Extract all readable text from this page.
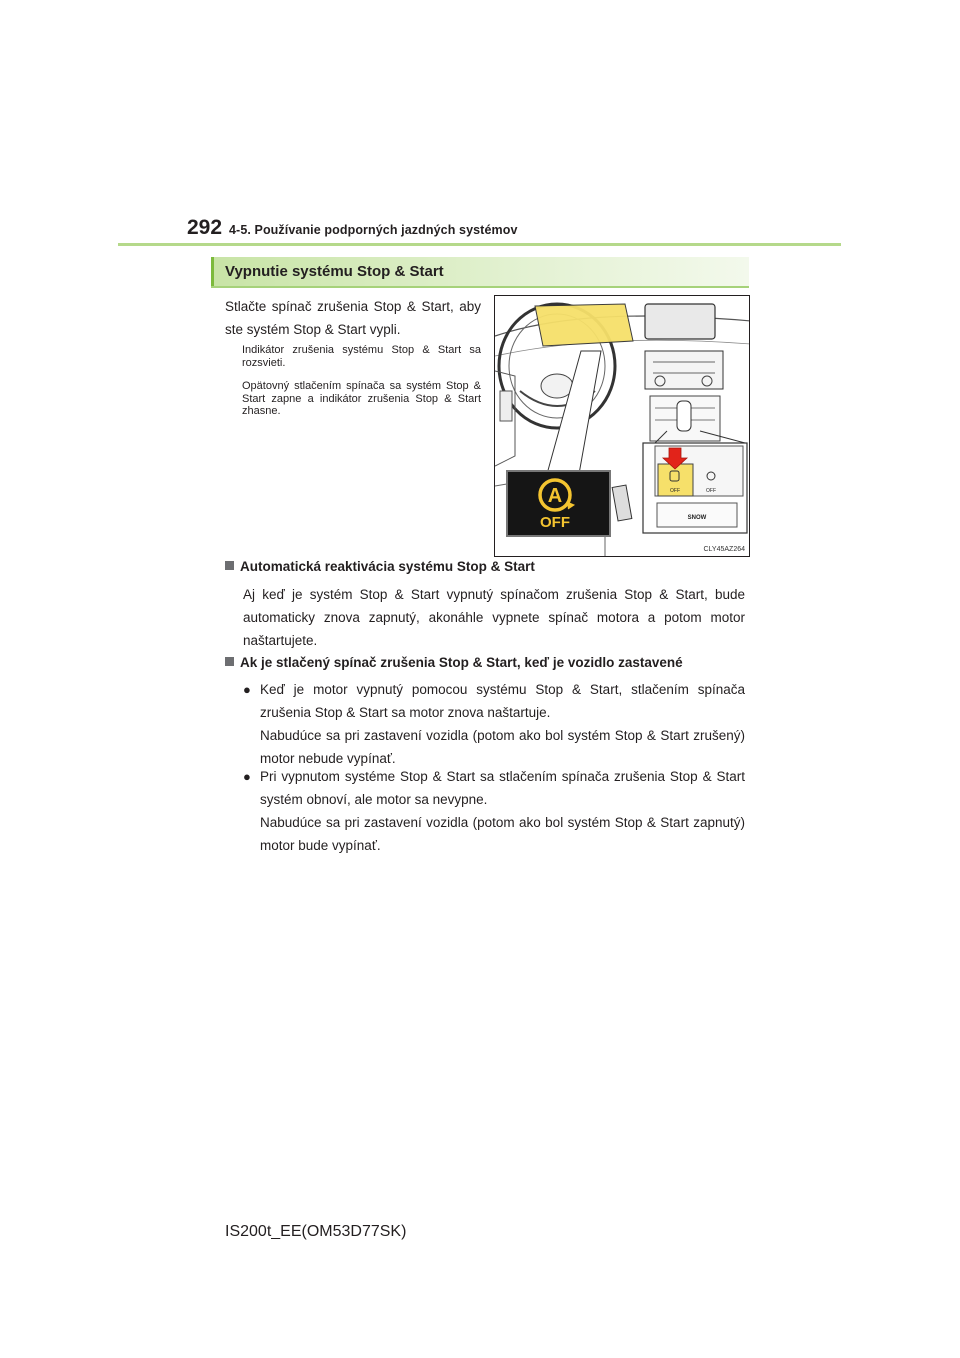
292 4-5. Používanie podporných jazdných systémov
Vypnutie systému Stop & Start
Stlačte spínač zrušenia Stop & Start, aby ste systém Stop & Start vypli.
Indikátor zrušenia systému Stop & Start sa rozsvieti.
Opätovný stlačením spínača sa systém Stop & Start zapne a indikátor zrušenia Stop & Start zhasne.
A
OFF
OFF	OFF
SNOW
CLY45AZ264
Automatická reaktivácia systému Stop & Start
Aj keď je systém Stop & Start vypnutý spínačom zrušenia Stop & Start, bude automaticky znova zapnutý, akonáhle vypnete spínač motora a potom motor naštartujete.
Ak je stlačený spínač zrušenia Stop & Start, keď je vozidlo zastavené
● Keď je motor vypnutý pomocou systému Stop & Start, stlačením spínača zrušenia Stop & Start sa motor znova naštartuje.
Nabudúce sa pri zastavení vozidla (potom ako bol systém Stop & Start zrušený) motor nebude vypínať.
● Pri vypnutom systéme Stop & Start sa stlačením spínača zrušenia Stop & Start systém obnoví, ale motor sa nevypne.
Nabudúce sa pri zastavení vozidla (potom ako bol systém Stop & Start zapnutý) motor bude vypínať.
IS200t_EE(OM53D77SK)
